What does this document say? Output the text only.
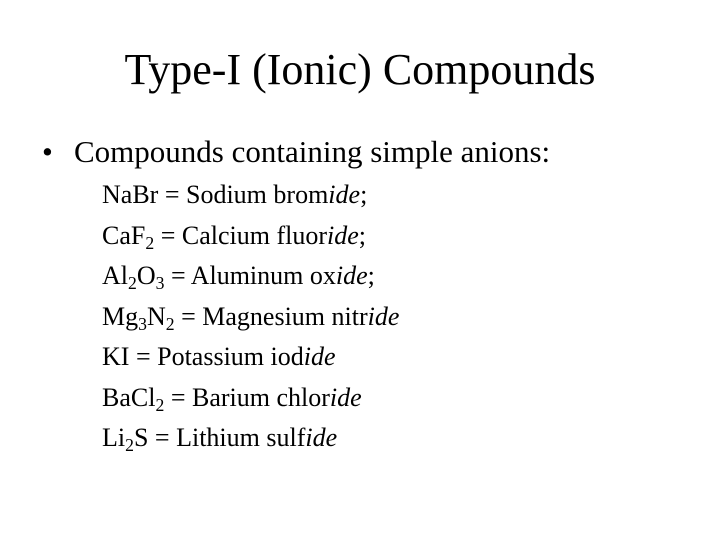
Type-I (Ionic) Compounds
• Compounds containing simple anions:
NaBr = Sodium bromide;
CaF$_2$ = Calcium fluoride;
$Al_2O_3$ = Aluminum oxide;
$Mg_3N_2$ = Magnesium nitride
KI = Potassium iodide
BaCl$_2$ = Barium chloride
$Li_2S$ = Lithium sulfide
